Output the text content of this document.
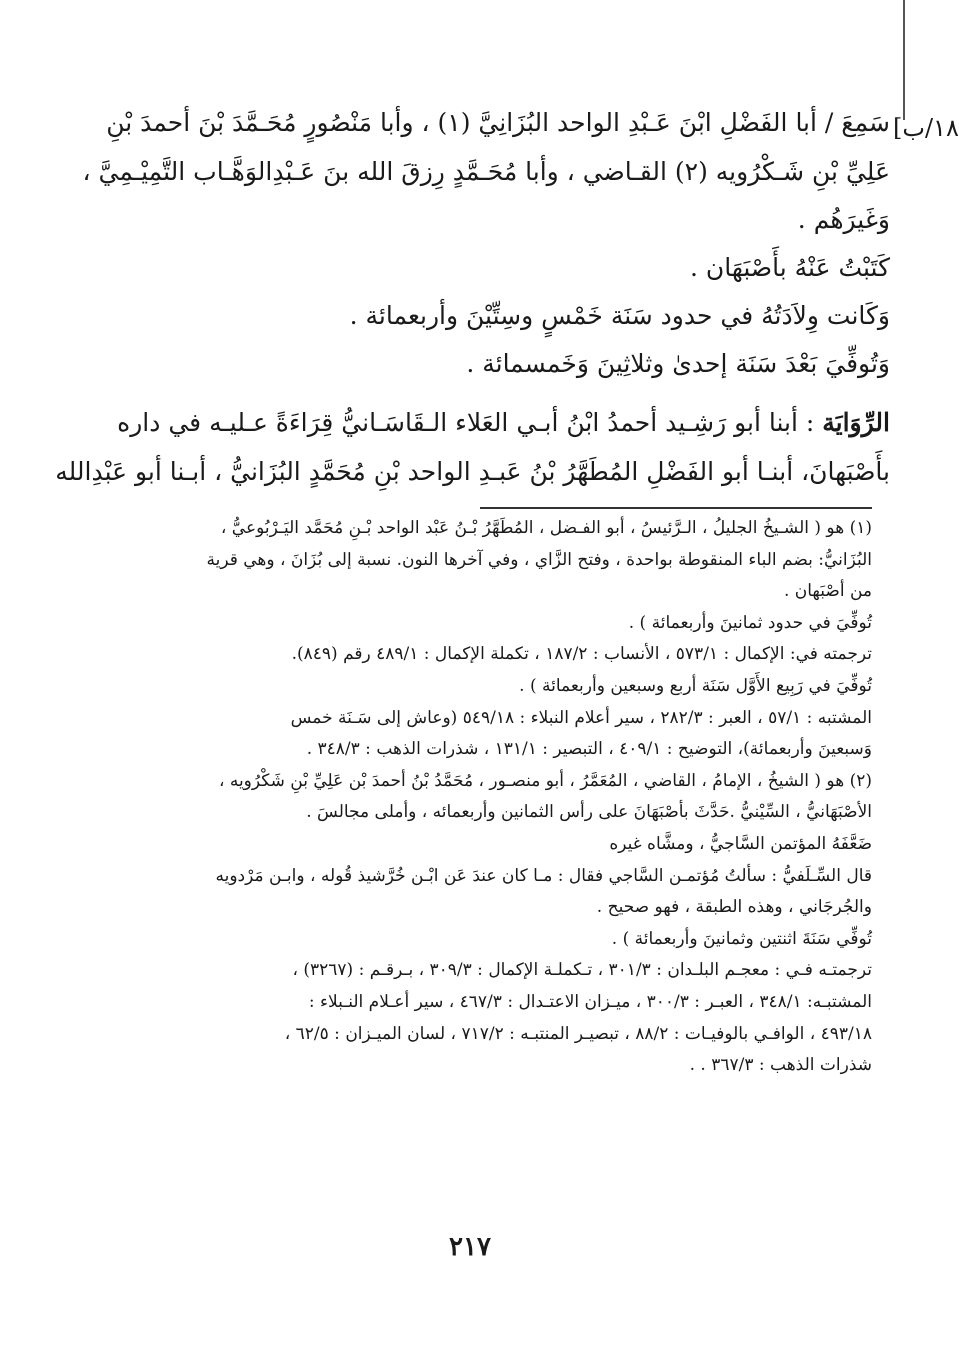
١٨/ب]
سَمِعَ / أبا الفَضْلِ ابْنَ عَـبْدِ الواحد البُزَانِيَّ (١) ، وأبا مَنْصُورٍ مُحَـمَّدَ بْنَ أحمدَ بْنِ
عَلِيِّ بْنِ شَـكْرُويه (٢) القـاضي ، وأبا مُحَـمَّدٍ رِزقَ الله بنَ عَـبْدِالوَهَّـاب التَّمِيْـمِيَّ ،
وَغَيرَهُم .
كَتَبْتُ عَنْهُ بأَصْبَهَان .
وَكَانت وِلاَدَتُهُ في حدود سَنَة خَمْسٍ وسِتِّيْنَ وأربعمائة .
وَتُوفِّيَ بَعْدَ سَنَة إحدىٰ وثلاثِينَ وَخَمسمائة .
الرِّوَايَة : أبنا أبو رَشِـيد أحمدُ ابْنُ أبـي العَلاء الـقَاسَـانيُّ قِرَاءَةً عـليـه في داره
بأَصْبَهانَ، أبنـا أبو الفَضْلِ المُطَهَّرُ بْنُ عَبـدِ الواحد بْنِ مُحَمَّدٍ البُزَانيُّ ، أبـنا أبو عَبْدِالله
(١) هو ( الشـيخُ الجليلُ ، الـرَّئيسُ ، أبو الفـضل ، المُطَهَّرُ بْـنُ عَبْد الواحد بْـنِ مُحَمَّد اليَـرْبُوعيُّ ،
البُزَانيُّ: بضم الباء المنقوطة بواحدة ، وفتح الزَّاي ، وفي آخرها النون. نسبة إلى بُزَانَ ، وهي قرية
من أصْبَهان .
تُوفِّيَ في حدود ثمانينَ وأربعمائة ) .
ترجمته في: الإكمال : ٥٧٣/١ ، الأنساب : ١٨٧/٢ ، تكملة الإكمال : ٤٨٩/١ رقم (٨٤٩).
تُوفِّيَ في رَبِيع الأَوَّل سَنَة أربع وسبعين وأربعمائة ) .
المشتبه : ٥٧/١ ، العبر : ٢٨٢/٣ ، سير أعلام النبلاء : ٥٤٩/١٨ (وعاش إلى سَـنَة خمس
وَسبعينَ وأربعمائة)، التوضيح : ٤٠٩/١ ، التبصير : ١٣١/١ ، شذرات الذهب : ٣٤٨/٣ .
(٢) هو ( الشيخُ ، الإمامُ ، القاضي ، المُعَمَّرُ ، أبو منصـور ، مُحَمَّدُ بْنُ أحمدَ بْن عَلِيِّ بْنِ شَكْرُويه ،
الأصْبَهَانيُّ ، السِّيْنيُّ .حَدَّثَ بأصْبَهَانَ على رأس الثمانين وأربعمائه ، وأملى مجالسَ .
ضَعَّفَهُ المؤتمن السَّاجيُّ ، ومشَّاه غيره
قال السِّـلَفيُّ : سألتُ مُؤتمـن السَّاجي فقال : مـا كان عندَ عَن ابْـن خُرَّشيذ قُوله ، وابـن مَرْدويه
والجُرجَاني ، وهذه الطبقة ، فهو صحيح .
تُوفِّي سَنَةَ اثنتين وثمانينَ وأربعمائة ) .
ترجمتـه فـي : معجـم البلـدان : ٣٠١/٣ ، تـكملـة الإكمال : ٣٠٩/٣ ، بـرقـم : (٣٢٦٧) ،
المشتبـه: ٣٤٨/١ ، العبـر : ٣٠٠/٣ ، ميـزان الاعتـدال : ٤٦٧/٣ ، سير أعـلام النـبلاء :
٤٩٣/١٨ ، الوافـي بالوفيـات : ٨٨/٢ ، تبصيـر المنتبـه : ٧١٧/٢ ، لسان الميـزان : ٦٢/٥ ،
شذرات الذهب : ٣٦٧/٣ . .
٢١٧
